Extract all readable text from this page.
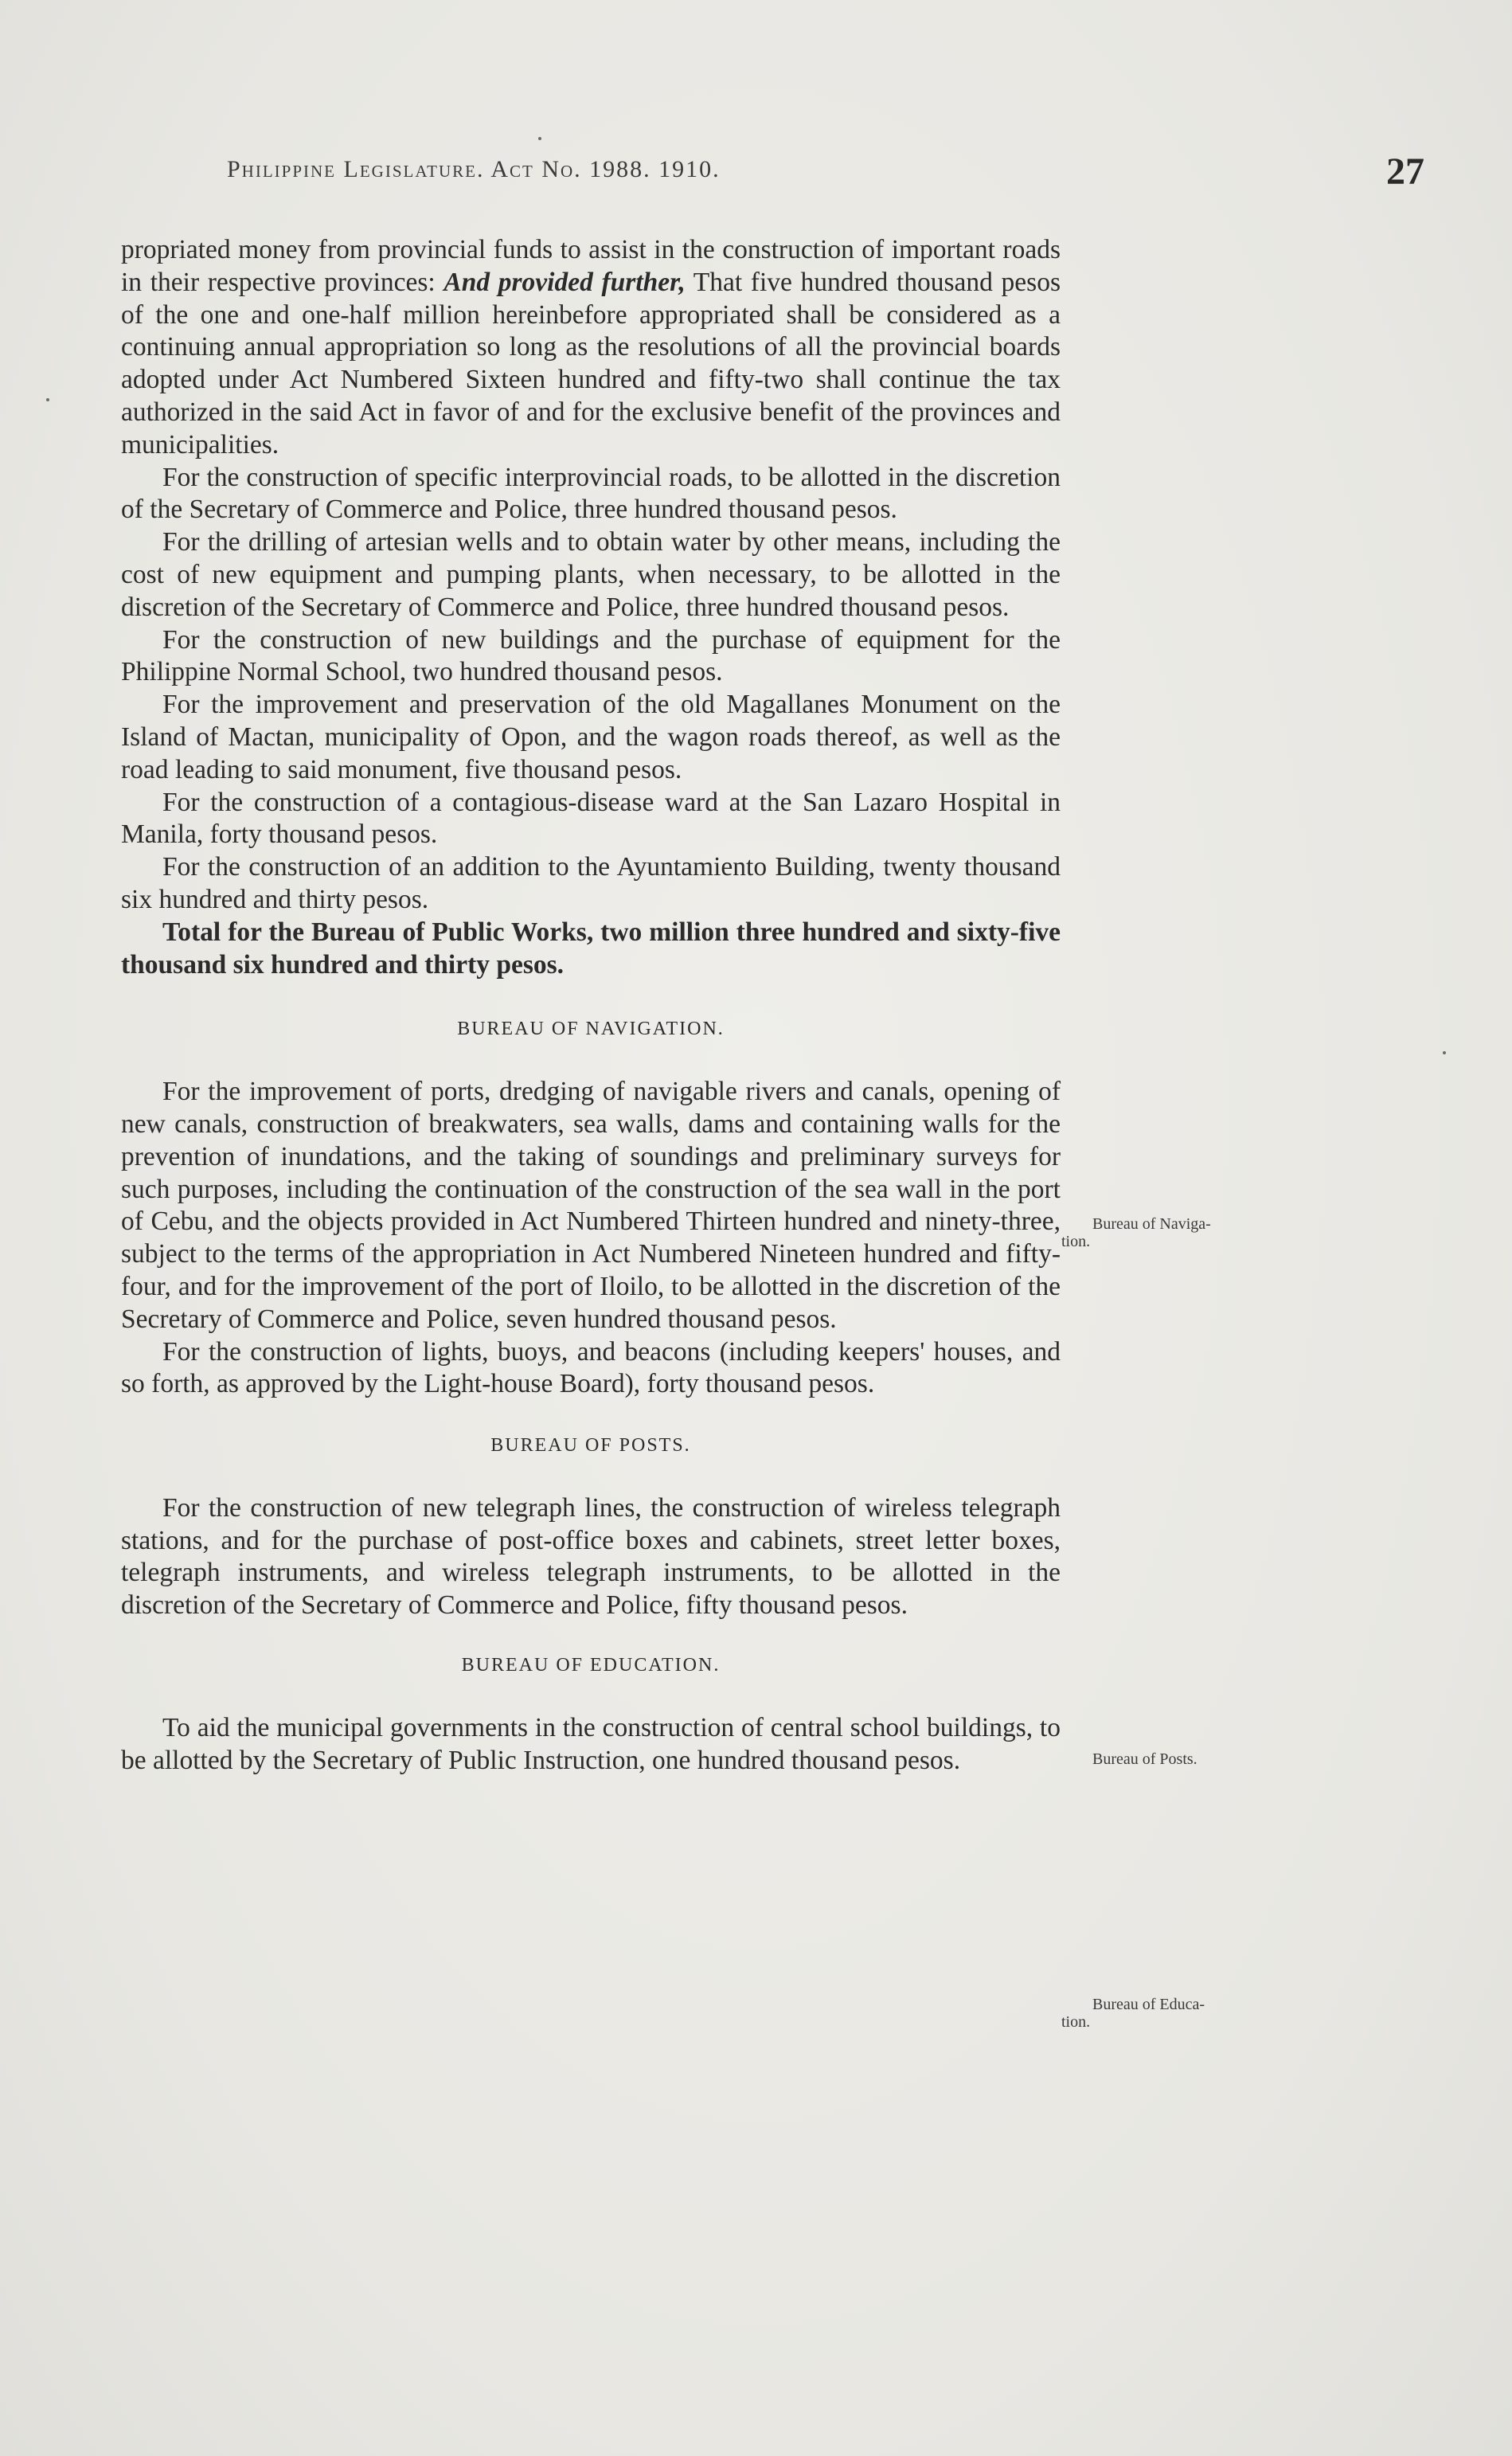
Philippine Legislature. Act No. 1988. 1910.	27

propriated money from provincial funds to assist in the construction of important roads in their respective provinces: And provided further, That five hundred thousand pesos of the one and one-half million hereinbefore appropriated shall be considered as a continuing annual appropriation so long as the resolutions of all the provincial boards adopted under Act Numbered Sixteen hundred and fifty-two shall continue the tax authorized in the said Act in favor of and for the exclusive benefit of the provinces and municipalities.

For the construction of specific interprovincial roads, to be allotted in the discretion of the Secretary of Commerce and Police, three hundred thousand pesos.

For the drilling of artesian wells and to obtain water by other means, including the cost of new equipment and pumping plants, when necessary, to be allotted in the discretion of the Secretary of Commerce and Police, three hundred thousand pesos.

For the construction of new buildings and the purchase of equipment for the Philippine Normal School, two hundred thousand pesos.

For the improvement and preservation of the old Magallanes Monument on the Island of Mactan, municipality of Opon, and the wagon roads thereof, as well as the road leading to said monument, five thousand pesos.

For the construction of a contagious-disease ward at the San Lazaro Hospital in Manila, forty thousand pesos.

For the construction of an addition to the Ayuntamiento Building, twenty thousand six hundred and thirty pesos.

Total for the Bureau of Public Works, two million three hundred and sixty-five thousand six hundred and thirty pesos.

BUREAU OF NAVIGATION.

For the improvement of ports, dredging of navigable rivers and canals, opening of new canals, construction of breakwaters, sea walls, dams and containing walls for the prevention of inundations, and the taking of soundings and preliminary surveys for such purposes, including the continuation of the construction of the sea wall in the port of Cebu, and the objects provided in Act Numbered Thirteen hundred and ninety-three, subject to the terms of the appropriation in Act Numbered Nineteen hundred and fifty-four, and for the improvement of the port of Iloilo, to be allotted in the discretion of the Secretary of Commerce and Police, seven hundred thousand pesos.

For the construction of lights, buoys, and beacons (including keepers' houses, and so forth, as approved by the Light-house Board), forty thousand pesos.

BUREAU OF POSTS.

For the construction of new telegraph lines, the construction of wireless telegraph stations, and for the purchase of post-office boxes and cabinets, street letter boxes, telegraph instruments, and wireless telegraph instruments, to be allotted in the discretion of the Secretary of Commerce and Police, fifty thousand pesos.

BUREAU OF EDUCATION.

To aid the municipal governments in the construction of central school buildings, to be allotted by the Secretary of Public Instruction, one hundred thousand pesos.

Bureau of Naviga-
tion.
Bureau of Posts.
Bureau of Educa-
tion.
